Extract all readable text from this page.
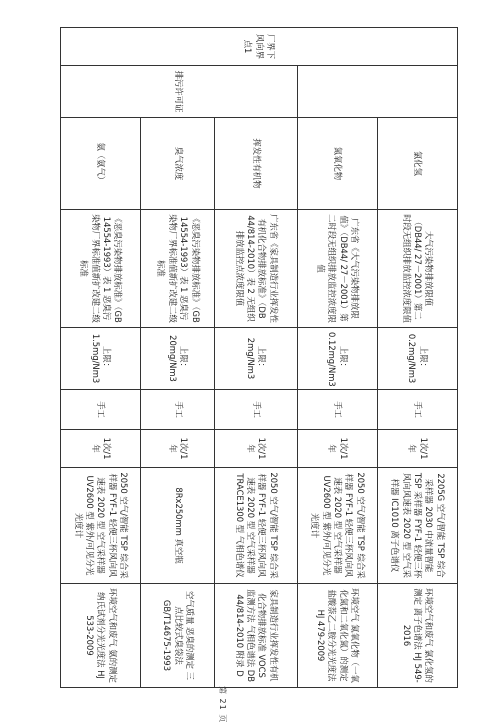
厂界下风向界点1		氯化氢	大气污染物排放限值（DB44/ 27－2001）第二时段无组织排放监控浓度限值	上限：0.2mg/Nm3	手工	1次/1年	2205G 空气/智能 TSP 综合采样器 2030 中流量智能 TSP 采样器 FYF-1 轻便三杯风向风速表 2020 型 空气采样器 IC1010 离子色谱仪	环境空气和废气 氯化氢的测定 离子色谱法 HJ 549-2016
		氮氧化物	广东省《大气污染物排放限值》（DB44/ 27－2001）第二时段无组织排放监控浓度限值	上限：0.12mg/Nm3	手工	1次/1年	2050 空气/智能 TSP 综合采样器 FYF-1 轻便三杯风向风速表 2020 型 空气采样器 UV2600 型 紫外/可见分光光度计	环境空气 氮氧化物（一氧化氮和二氧化氮）的测定 盐酸萘乙二胺分光光度法 HJ 479-2009
	排污许可证	挥发性有机物	广东省《家具制造行业挥发性有机化合物排放标准》（DB 44/814-2010）表 2 无组织排放监控点浓度限值	上限：2mg/Nm3	手工	1次/1年	2050 空气/智能 TSP 综合采样器 FYF-1 轻便三杯风向风速表 2020 型 空气采样器 TRACE1300 型 气相色谱仪	家具制造行业挥发性有机化合物排放标准 VOCS 监测方法 气相色谱法 DB 44/814-2010 附录 D
		臭气浓度	《恶臭污染物排放标准》（GB 14554-1993）表 1 恶臭污染物厂界标准值新扩改建二级标准	上限：20mg/Nm3	手工	1次/1年	8Rx250mm 真空瓶	空气质量 恶臭的测定 三点比较式臭袋法 GB/T14675-1993
		氨（氨气）	《恶臭污染物排放标准》（GB 14554-1993）表 1 恶臭污染物厂界标准值新扩改建二级标准	上限：1.5mg/Nm3	手工	1次/1年	2050 空气/智能 TSP 综合采样器 FYF-1 轻便三杯风向风速表 2020 型 空气采样器 UV2600 型 紫外/可见分光光度计	环境空气和废气 氨的测定 纳氏试剂分光光度法 HJ 533-2009
第 21 页
